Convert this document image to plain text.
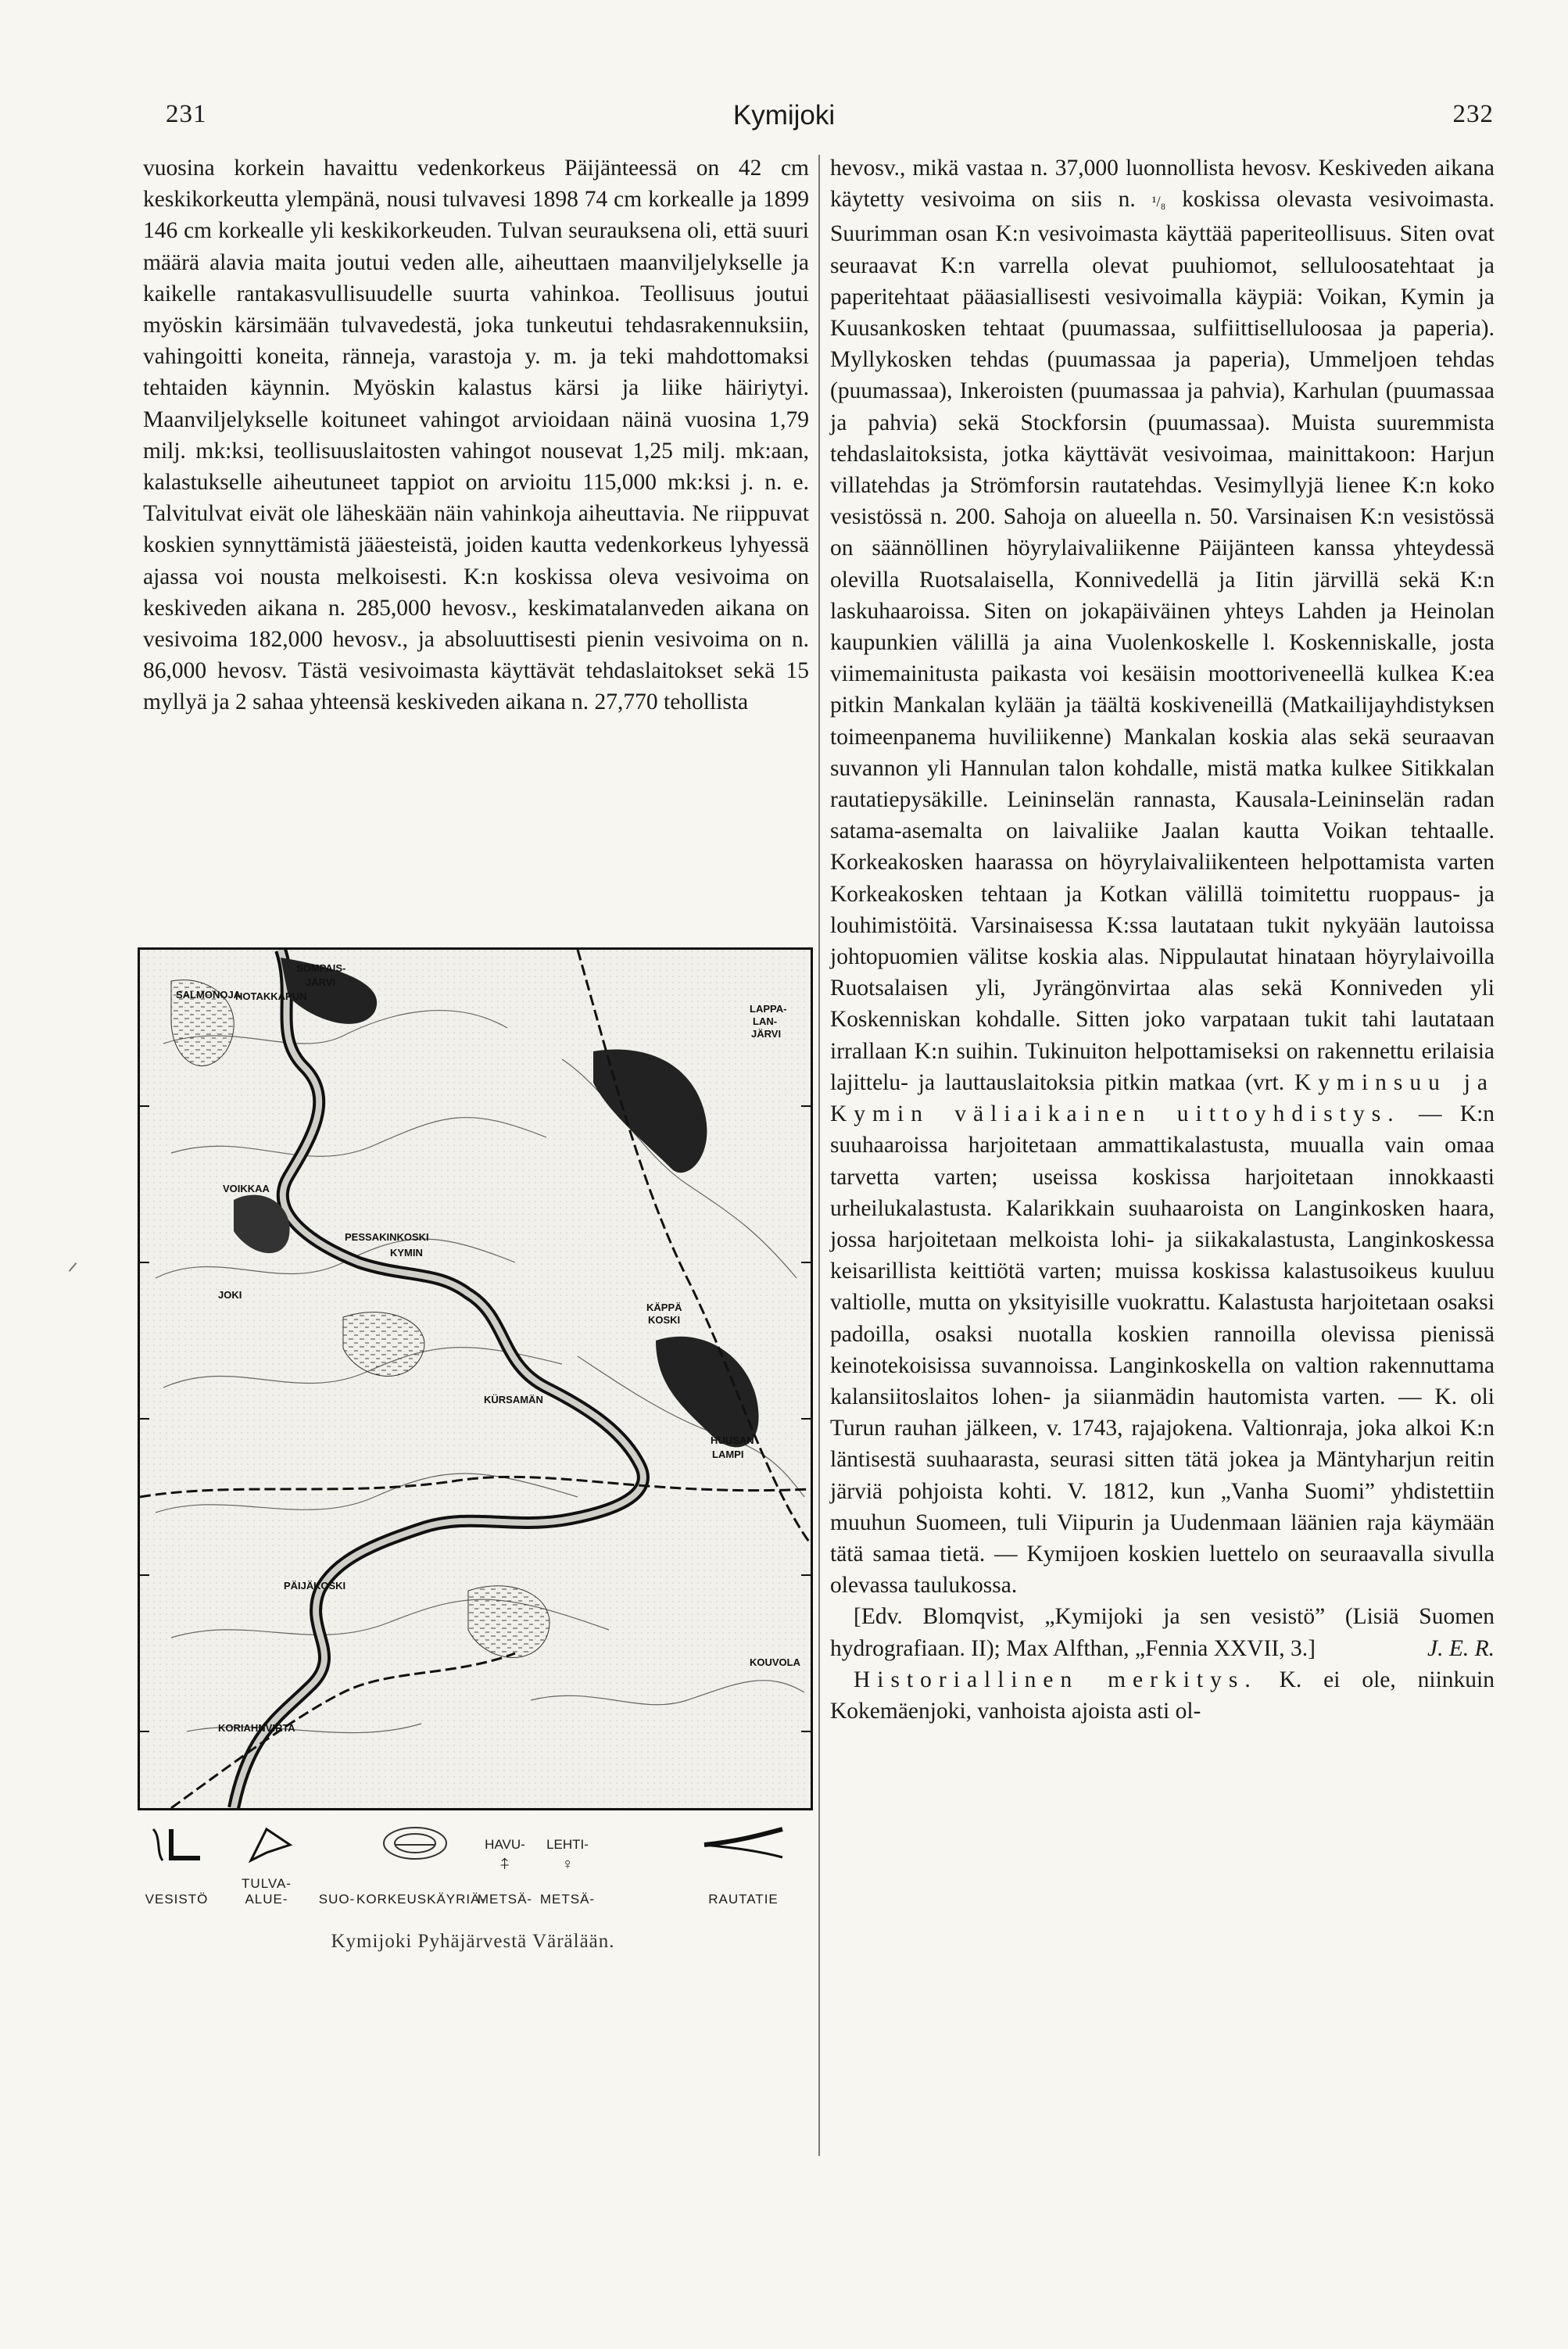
231	Kymijoki	232

vuosina korkein havaittu vedenkorkeus Päijänteessä on 42 cm keskikorkeutta ylempänä, nousi tulvavesi 1898 74 cm korkealle ja 1899 146 cm korkealle yli keskikorkeuden. Tulvan seurauksena oli, että suuri määrä alavia maita joutui veden alle, aiheuttaen maanviljelykselle ja kaikelle rantakasvullisuudelle suurta vahinkoa. Teollisuus joutui myöskin kärsimään tulvavedestä, joka tunkeutui tehdasrakennuksiin, vahingoitti koneita, ränneja, varastoja y. m. ja teki mahdottomaksi tehtaiden käynnin. Myöskin kalastus kärsi ja liike häiriytyi. Maanviljelykselle koituneet vahingot arvioidaan näinä vuosina 1,79 milj. mk:ksi, teollisuuslaitosten vahingot nousevat 1,25 milj. mk:aan, kalastukselle aiheutuneet tappiot on arvioitu 115,000 mk:ksi j. n. e. Talvitulvat eivät ole läheskään näin vahinkoja aiheuttavia. Ne riippuvat koskien synnyttämistä jääesteistä, joiden kautta vedenkorkeus lyhyessä ajassa voi nousta melkoisesti. K:n koskissa oleva vesivoima on keskiveden aikana n. 285,000 hevosv., keskimatalanveden aikana on vesivoima 182,000 hevosv., ja absoluuttisesti pienin vesivoima on n. 86,000 hevosv. Tästä vesivoimasta käyttävät tehdaslaitokset sekä 15 myllyä ja 2 sahaa yhteensä keskiveden aikana n. 27,770 tehollista

SOMPAIS-
JÄRVI
SALMONOJA
HOTAKKAPUN
LAPPA-
LAN-
JÄRVI
VOIKKAA
PESSAKINKOSKI
KYMIN
JOKI
KÄPPÄ
KOSKI
KÜRSAMÄN
HUUSAN
LAMPI
PÄIJÄ KOSKI
KOUVOLA
KORIAHNVIRTA
VESISTÖ
TULVA-ALUE-	SUO- KORKEUSKÄYRIÄ-
HAVU-
⍏
METSÄ-
LEHTI-
♀
METSÄ-	RAUTATIE
Kymijoki Pyhäjärvestä Värälään.

hevosv., mikä vastaa n. 37,000 luonnollista hevosv. Keskiveden aikana käytetty vesivoima on siis n. ¹/₈ koskissa olevasta vesivoimasta. Suurimman osan K:n vesivoimasta käyttää paperiteollisuus. Siten ovat seuraavat K:n varrella olevat puuhiomot, selluloosatehtaat ja paperitehtaat pääasiallisesti vesivoimalla käypiä: Voikan, Kymin ja Kuusankosken tehtaat (puumassaa, sulfiittiselluloosaa ja paperia). Myllykosken tehdas (puumassaa ja paperia), Ummeljoen tehdas (puumassaa), Inkeroisten (puumassaa ja pahvia), Karhulan (puumassaa ja pahvia) sekä Stockforsin (puumassaa). Muista suuremmista tehdaslaitoksista, jotka käyttävät vesivoimaa, mainittakoon: Harjun villatehdas ja Strömforsin rautatehdas. Vesimyllyjä lienee K:n koko vesistössä n. 200. Sahoja on alueella n. 50. Varsinaisen K:n vesistössä on säännöllinen höyrylaivaliikenne Päijänteen kanssa yhteydessä olevilla Ruotsalaisella, Konnivedellä ja Iitin järvillä sekä K:n laskuhaaroissa. Siten on jokapäiväinen yhteys Lahden ja Heinolan kaupunkien välillä ja aina Vuolenkoskelle l. Koskenniskalle, josta viimemainitusta paikasta voi kesäisin moottoriveneellä kulkea K:ea pitkin Mankalan kylään ja täältä koskiveneillä (Matkailijayhdistyksen toimeenpanema huviliikenne) Mankalan koskia alas sekä seuraavan suvannon yli Hannulan talon kohdalle, mistä matka kulkee Sitikkalan rautatiepysäkille. Leininselän rannasta, Kausala-Leininselän radan satama-asemalta on laivaliike Jaalan kautta Voikan tehtaalle. Korkeakosken haarassa on höyrylaivaliikenteen helpottamista varten Korkeakosken tehtaan ja Kotkan välillä toimitettu ruoppaus- ja louhimistöitä. Varsinaisessa K:ssa lautataan tukit nykyään lautoissa johtopuomien välitse koskia alas. Nippulautat hinataan höyrylaivoilla Ruotsalaisen yli, Jyrängönvirtaa alas sekä Konniveden yli Koskenniskan kohdalle. Sitten joko varpataan tukit tahi lautataan irrallaan K:n suihin. Tukinuiton helpottamiseksi on rakennettu erilaisia lajittelu- ja lauttauslaitoksia pitkin matkaa (vrt. Kyminsuu ja Kymin väliaikainen uittoyhdistys. — K:n suuhaaroissa harjoitetaan ammattikalastusta, muualla vain omaa tarvetta varten; useissa koskissa harjoitetaan innokkaasti urheilukalastusta. Kalarikkain suuhaaroista on Langinkosken haara, jossa harjoitetaan melkoista lohi- ja siikakalastusta, Langinkoskessa keisarillista keittiötä varten; muissa koskissa kalastusoikeus kuuluu valtiolle, mutta on yksityisille vuokrattu. Kalastusta harjoitetaan osaksi padoilla, osaksi nuotalla koskien rannoilla olevissa pienissä keinotekoisissa suvannoissa. Langinkoskella on valtion rakennuttama kalansiitoslaitos lohen- ja siianmädin hautomista varten. — K. oli Turun rauhan jälkeen, v. 1743, rajajokena. Valtionraja, joka alkoi K:n läntisestä suuhaarasta, seurasi sitten tätä jokea ja Mäntyharjun reitin järviä pohjoista kohti. V. 1812, kun „Vanha Suomi” yhdistettiin muuhun Suomeen, tuli Viipurin ja Uudenmaan läänien raja käymään tätä samaa tietä. — Kymijoen koskien luettelo on seuraavalla sivulla olevassa taulukossa.

[Edv. Blomqvist, „Kymijoki ja sen vesistö” (Lisiä Suomen hydrografiaan. II); Max Alfthan, „Fennia XXVII, 3.]	J. E. R.

Historiallinen merkitys. K. ei ole, niinkuin Kokemäenjoki, vanhoista ajoista asti ol-
